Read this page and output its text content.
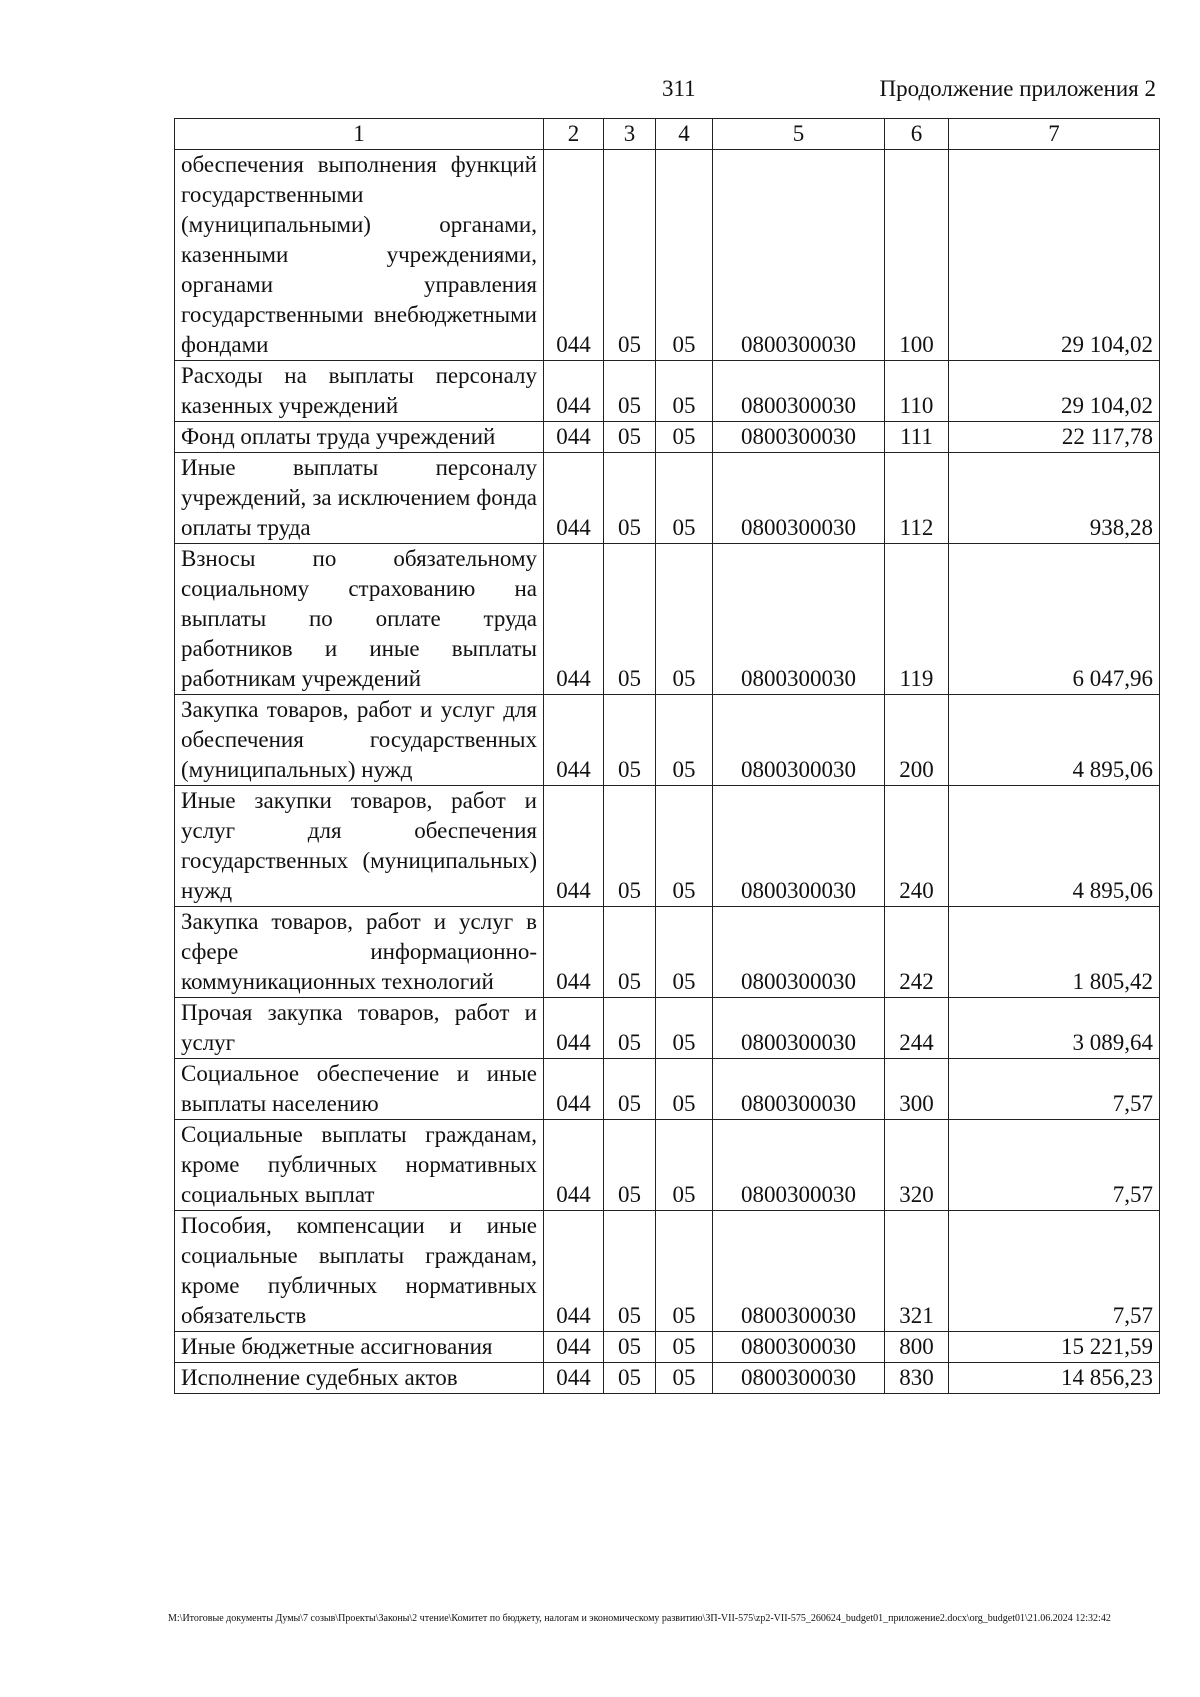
311	Продолжение приложения 2
1	2	3	4	5	6	7
обеспечения выполнения функций государственными (муниципальными) органами, казенными учреждениями, органами управления государственными внебюджетными фондами	044	05	05	0800300030	100	29 104,02
Расходы на выплаты персоналу казенных учреждений	044	05	05	0800300030	110	29 104,02
Фонд оплаты труда учреждений	044	05	05	0800300030	111	22 117,78
Иные выплаты персоналу учреждений, за исключением фонда оплаты труда	044	05	05	0800300030	112	938,28
Взносы по обязательному социальному страхованию на выплаты по оплате труда работников и иные выплаты работникам учреждений	044	05	05	0800300030	119	6 047,96
Закупка товаров, работ и услуг для обеспечения государственных (муниципальных) нужд	044	05	05	0800300030	200	4 895,06
Иные закупки товаров, работ и услуг для обеспечения государственных (муниципальных) нужд	044	05	05	0800300030	240	4 895,06
Закупка товаров, работ и услуг в сфере информационно-коммуникационных технологий	044	05	05	0800300030	242	1 805,42
Прочая закупка товаров, работ и услуг	044	05	05	0800300030	244	3 089,64
Социальное обеспечение и иные выплаты населению	044	05	05	0800300030	300	7,57
Социальные выплаты гражданам, кроме публичных нормативных социальных выплат	044	05	05	0800300030	320	7,57
Пособия, компенсации и иные социальные выплаты гражданам, кроме публичных нормативных обязательств	044	05	05	0800300030	321	7,57
Иные бюджетные ассигнования	044	05	05	0800300030	800	15 221,59
Исполнение судебных актов	044	05	05	0800300030	830	14 856,23
M:\Итоговые документы Думы\7 созыв\Проекты\Законы\2 чтение\Комитет по бюджету, налогам и экономическому развитию\ЗП-VII-575\zp2-VII-575_260624_budget01_приложение2.docx\org_budget01\21.06.2024 12:32:42
